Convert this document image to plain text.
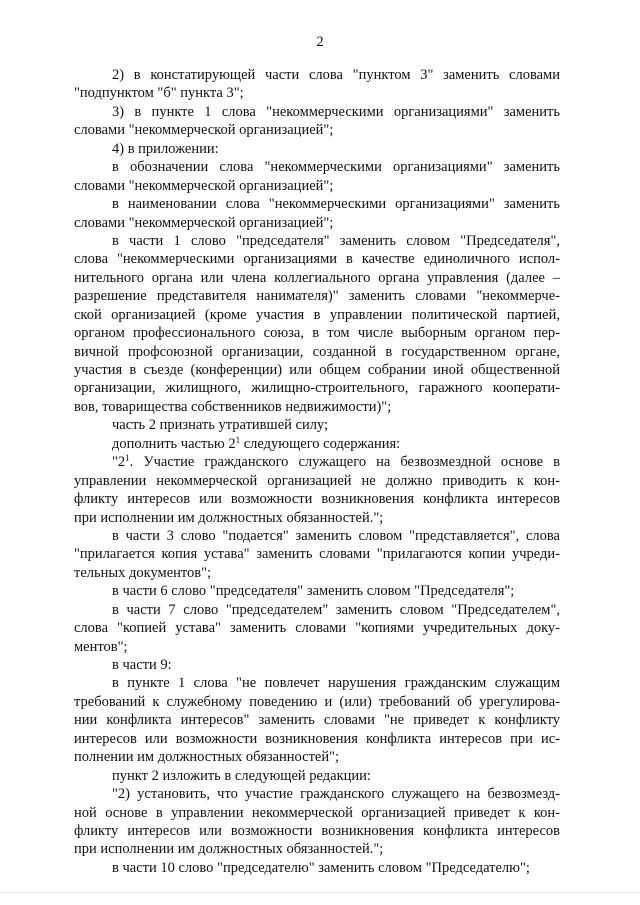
2
2) в констатирующей части слова "пунктом 3" заменить словами
"подпунктом "б" пункта 3";
3) в пункте 1 слова "некоммерческими организациями" заменить
словами "некоммерческой организацией";
4) в приложении:
в обозначении слова "некоммерческими организациями" заменить
словами "некоммерческой организацией";
в наименовании слова "некоммерческими организациями" заменить
словами "некоммерческой организацией";
в части 1 слово "председателя" заменить словом "Председателя",
слова "некоммерческими организациями в качестве единоличного испол-
нительного органа или члена коллегиального органа управления (далее –
разрешение представителя нанимателя)" заменить словами "некоммерче-
ской организацией (кроме участия в управлении политической партией,
органом профессионального союза, в том числе выборным органом пер-
вичной профсоюзной организации, созданной в государственном органе,
участия в съезде (конференции) или общем собрании иной общественной
организации, жилищного, жилищно-строительного, гаражного кооперати-
вов, товарищества собственников недвижимости)";
часть 2 признать утратившей силу;
дополнить частью $2^1$ следующего содержания:
"$2^1$. Участие гражданского служащего на безвозмездной основе в
управлении некоммерческой организацией не должно приводить к кон-
фликту интересов или возможности возникновения конфликта интересов
при исполнении им должностных обязанностей.";
в части 3 слово "подается" заменить словом "представляется", слова
"прилагается копия устава" заменить словами "прилагаются копии учреди-
тельных документов";
в части 6 слово "председателя" заменить словом "Председателя";
в части 7 слово "председателем" заменить словом "Председателем",
слова "копией устава" заменить словами "копиями учредительных доку-
ментов";
в части 9:
в пункте 1 слова "не повлечет нарушения гражданским служащим
требований к служебному поведению и (или) требований об урегулирова-
нии конфликта интересов" заменить словами "не приведет к конфликту
интересов или возможности возникновения конфликта интересов при ис-
полнении им должностных обязанностей";
пункт 2 изложить в следующей редакции:
"2) установить, что участие гражданского служащего на безвозмезд-
ной основе в управлении некоммерческой организацией приведет к кон-
фликту интересов или возможности возникновения конфликта интересов
при исполнении им должностных обязанностей.";
в части 10 слово "председателю" заменить словом "Председателю";
